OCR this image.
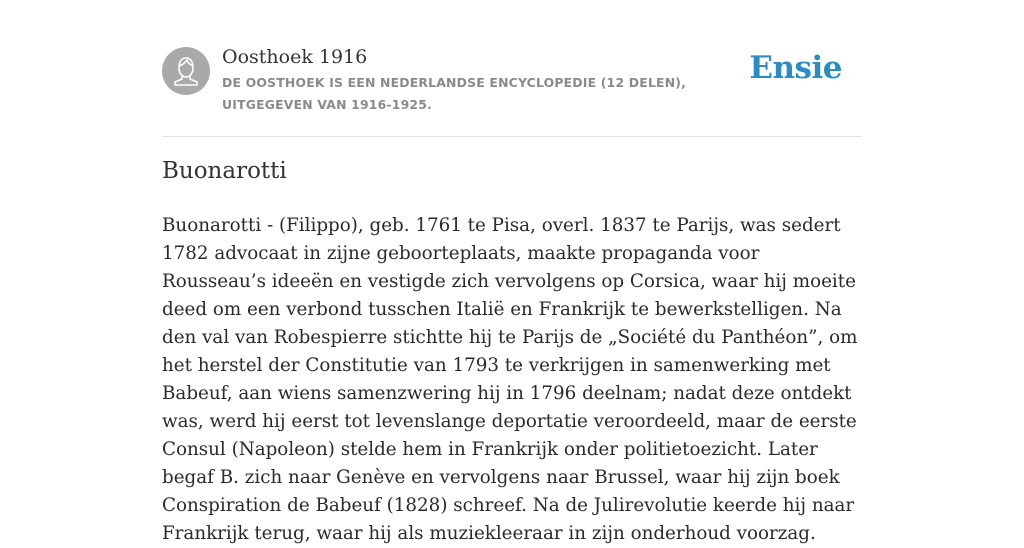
Oosthoek 1916

DE OOSTHOEK IS EEN NEDERLANDSE ENCYCLOPEDIE (12 DELEN), UITGEGEVEN VAN 1916-1925.

Ensie
Buonarotti

Buonarotti - (Filippo), geb. 1761 te Pisa, overl. 1837 te Parijs, was sedert 1782 advocaat in zijne geboorteplaats, maakte propaganda voor Rousseau’s ideeën en vestigde zich vervolgens op Corsica, waar hij moeite deed om een verbond tusschen Italië en Frankrijk te bewerkstelligen. Na den val van Robespierre stichtte hij te Parijs de „Société du Panthéon”, om het herstel der Constitutie van 1793 te verkrijgen in samenwerking met Babeuf, aan wiens samenzwering hij in 1796 deelnam; nadat deze ontdekt was, werd hij eerst tot levenslange deportatie veroordeeld, maar de eerste Consul (Napoleon) stelde hem in Frankrijk onder politietoezicht. Later begaf B. zich naar Genève en vervolgens naar Brussel, waar hij zijn boek Conspiration de Babeuf (1828) schreef. Na de Julirevolutie keerde hij naar Frankrijk terug, waar hij als muziekleeraar in zijn onderhoud voorzag.
